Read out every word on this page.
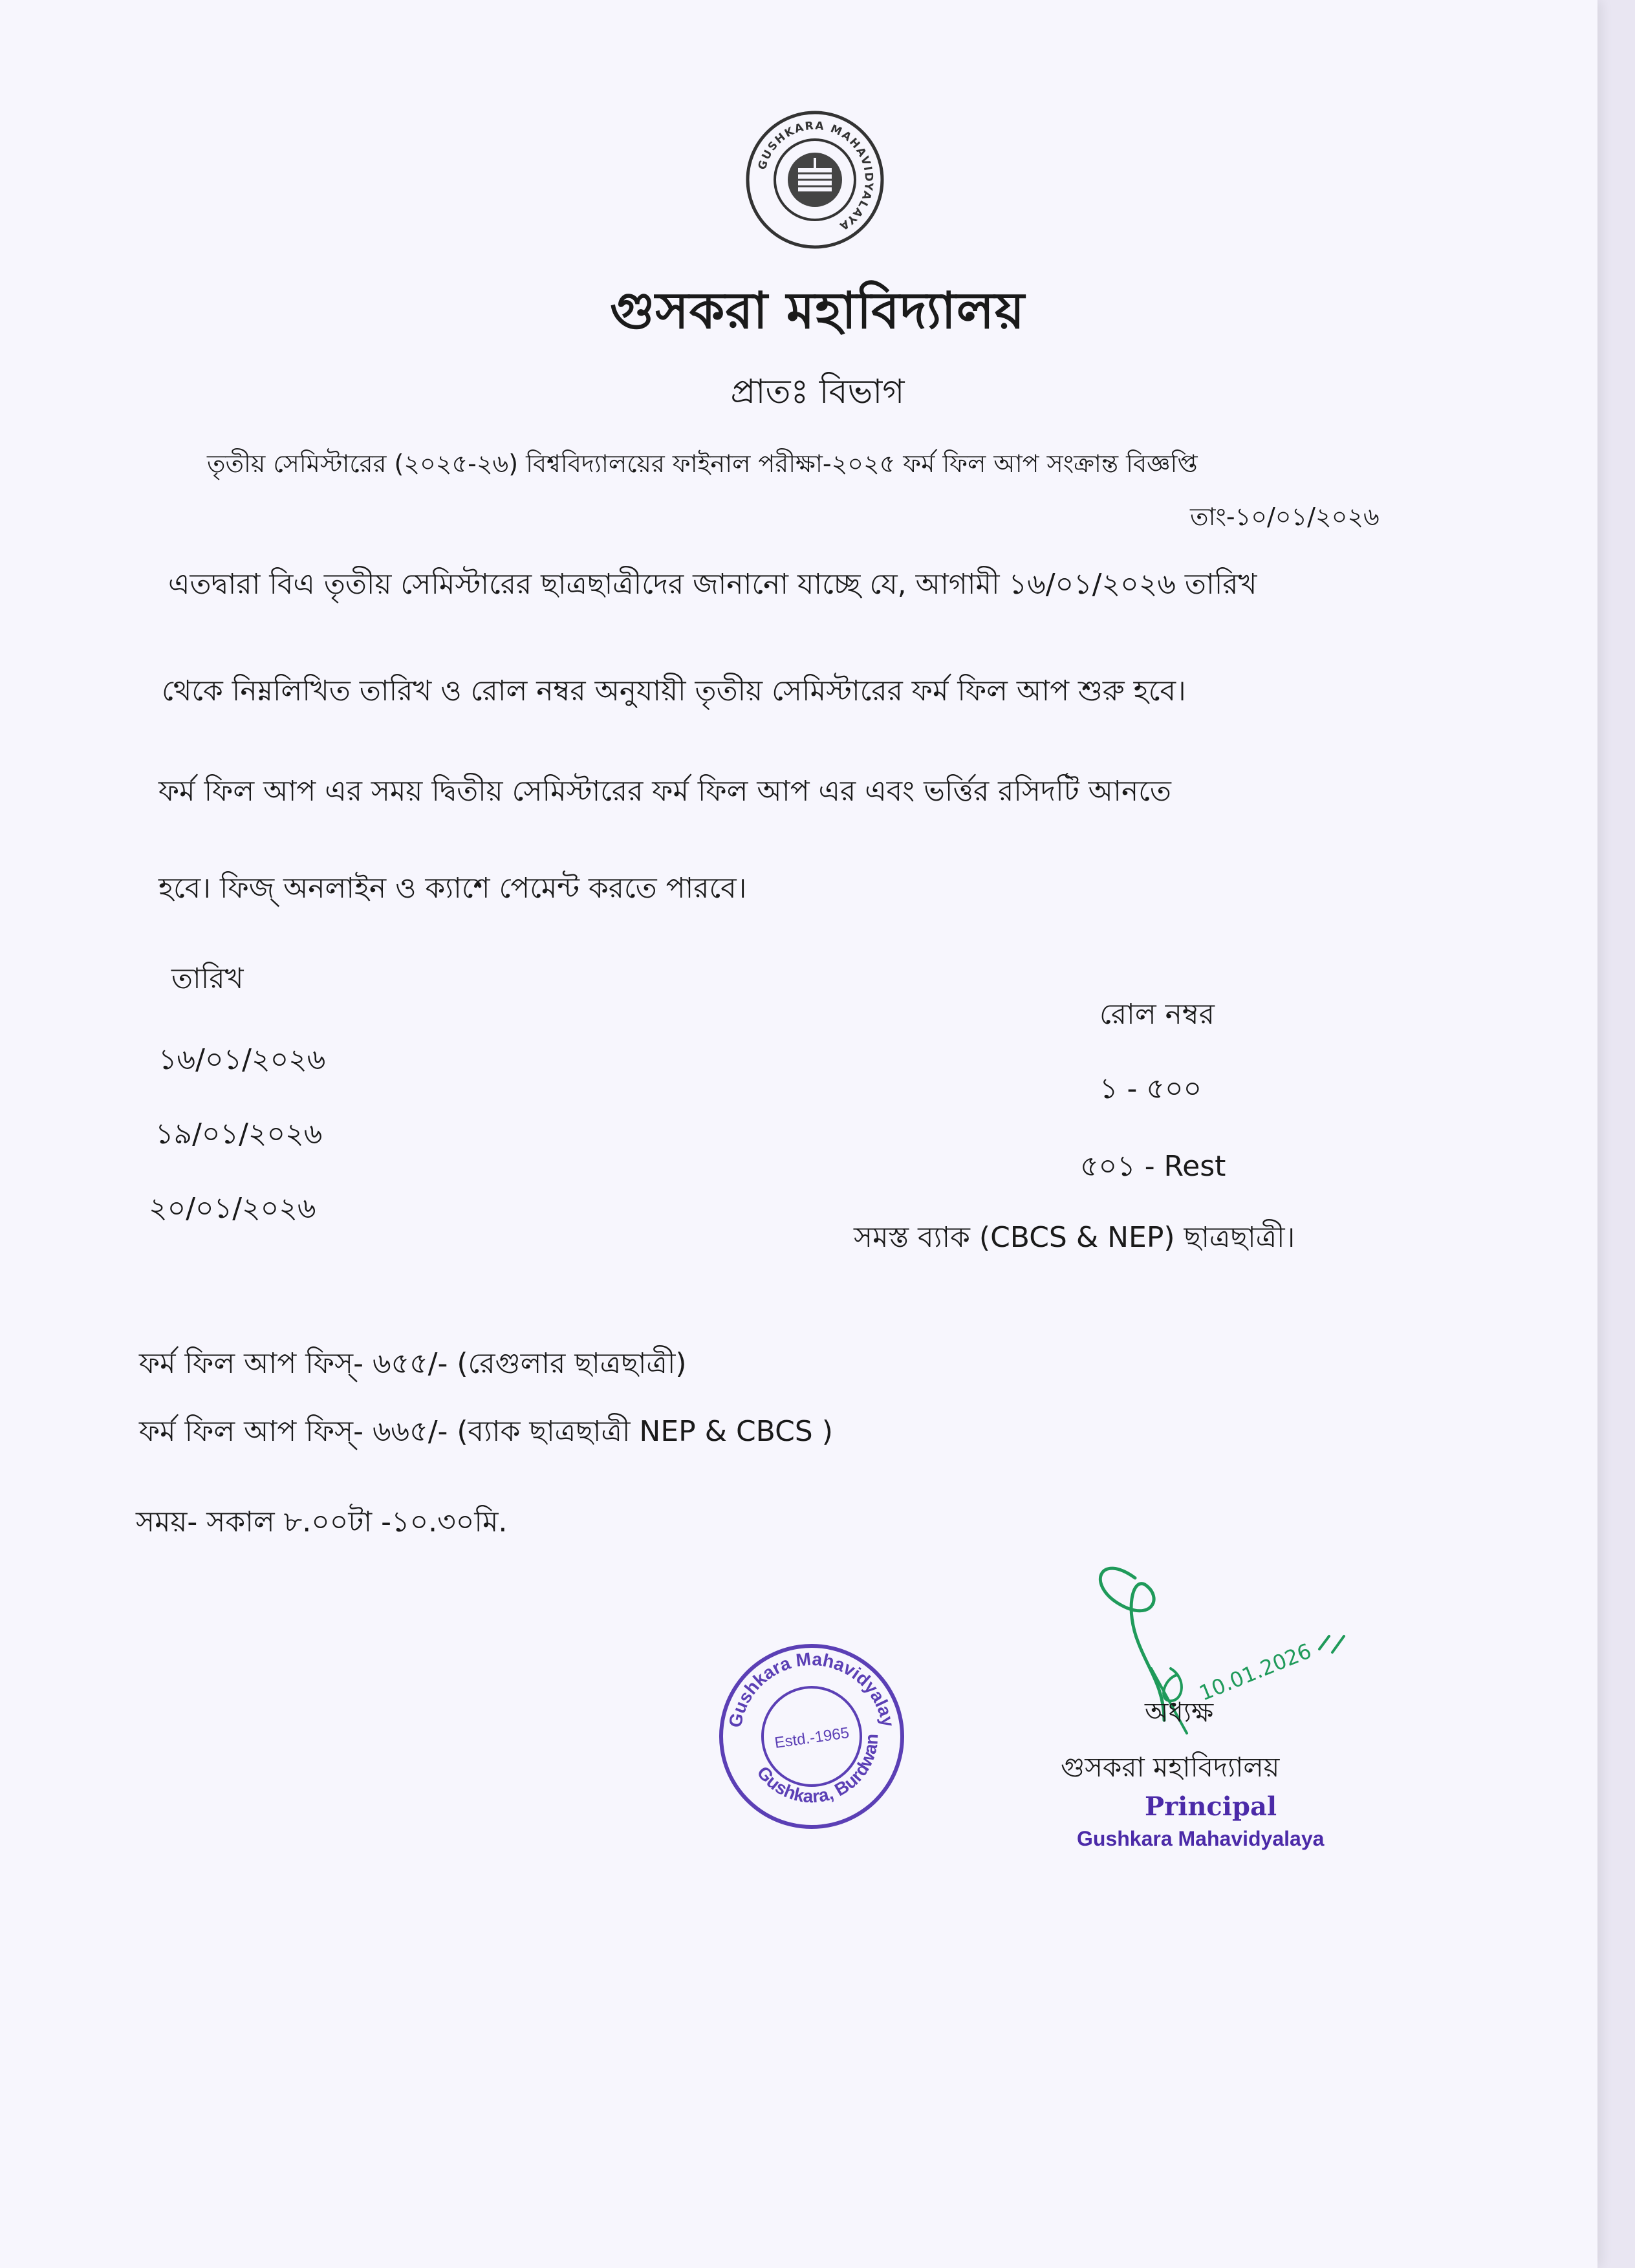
GUSHKARA MAHAVIDYALAYA
গুসকরা মহাবিদ্যালয়
প্রাতঃ বিভাগ
তৃতীয় সেমিস্টারের (২০২৫-২৬) বিশ্ববিদ্যালয়ের ফাইনাল পরীক্ষা-২০২৫ ফর্ম ফিল আপ সংক্রান্ত বিজ্ঞপ্তি
তাং-১০/০১/২০২৬
এতদ্বারা বিএ তৃতীয় সেমিস্টারের ছাত্রছাত্রীদের জানানো যাচ্ছে যে, আগামী ১৬/০১/২০২৬ তারিখ
থেকে নিম্নলিখিত তারিখ ও রোল নম্বর অনুযায়ী তৃতীয় সেমিস্টারের ফর্ম ফিল আপ শুরু হবে।
ফর্ম ফিল আপ এর সময় দ্বিতীয় সেমিস্টারের ফর্ম ফিল আপ এর এবং ভর্ত্তির রসিদটি আনতে
হবে। ফিজ্ অনলাইন ও ক্যাশে পেমেন্ট করতে পারবে।
তারিখ
রোল নম্বর
১৬/০১/২০২৬
১৯/০১/২০২৬
২০/০১/২০২৬
১ - ৫০০
৫০১ - Rest
সমস্ত ব্যাক (CBCS & NEP) ছাত্রছাত্রী।
ফর্ম ফিল আপ ফিস্- ৬৫৫/- (রেগুলার ছাত্রছাত্রী)
ফর্ম ফিল আপ ফিস্- ৬৬৫/- (ব্যাক ছাত্রছাত্রী NEP & CBCS )
সময়- সকাল ৮.০০টা -১০.৩০মি.
Gushkara Mahavidyalaya
Gushkara, Burdwan
Estd.-1965
10.01.2026
অধ্যক্ষ
গুসকরা মহাবিদ্যালয়
Principal
Gushkara Mahavidyalaya
